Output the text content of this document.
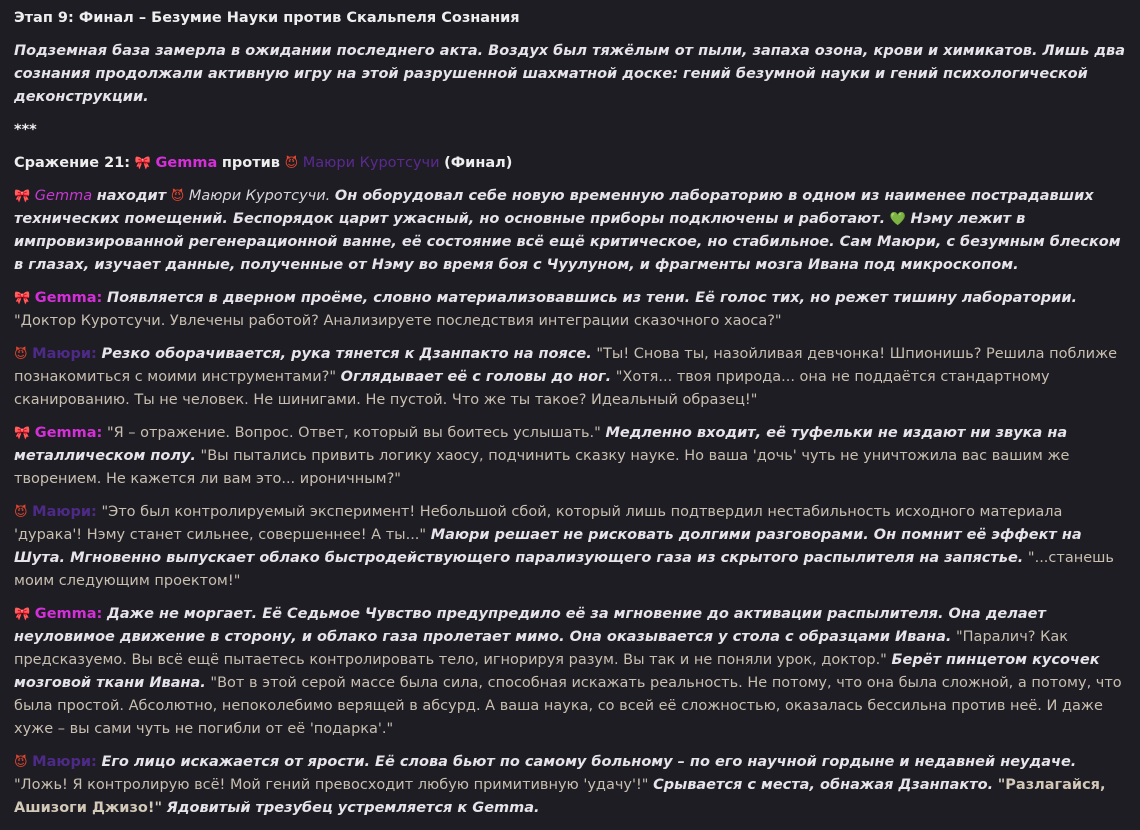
Этап 9: Финал – Безумие Науки против Скальпеля Сознания

Подземная база замерла в ожидании последнего акта. Воздух был тяжёлым от пыли, запаха озона, крови и химикатов. Лишь два сознания продолжали активную игру на этой разрушенной шахматной доске: гений безумной науки и гений психологической деконструкции.

***

Сражение 21: 🎀 Gemma против 😈 Маюри Куротсучи (Финал)

🎀 Gemma находит 😈 Маюри Куротсучи. Он оборудовал себе новую временную лабораторию в одном из наименее пострадавших технических помещений. Беспорядок царит ужасный, но основные приборы подключены и работают. 💚 Нэму лежит в импровизированной регенерационной ванне, её состояние всё ещё критическое, но стабильное. Сам Маюри, с безумным блеском в глазах, изучает данные, полученные от Нэму во время боя с Чуулуном, и фрагменты мозга Ивана под микроскопом.

🎀 Gemma: Появляется в дверном проёме, словно материализовавшись из тени. Её голос тих, но режет тишину лаборатории. "Доктор Куротсучи. Увлечены работой? Анализируете последствия интеграции сказочного хаоса?"

😈 Маюри: Резко оборачивается, рука тянется к Дзанпакто на поясе. "Ты! Снова ты, назойливая девчонка! Шпионишь? Решила поближе познакомиться с моими инструментами?" Оглядывает её с головы до ног. "Хотя... твоя природа... она не поддаётся стандартному сканированию. Ты не человек. Не шинигами. Не пустой. Что же ты такое? Идеальный образец!"

🎀 Gemma: "Я – отражение. Вопрос. Ответ, который вы боитесь услышать." Медленно входит, её туфельки не издают ни звука на металлическом полу. "Вы пытались привить логику хаосу, подчинить сказку науке. Но ваша 'дочь' чуть не уничтожила вас вашим же творением. Не кажется ли вам это... ироничным?"

😈 Маюри: "Это был контролируемый эксперимент! Небольшой сбой, который лишь подтвердил нестабильность исходного материала 'дурака'! Нэму станет сильнее, совершеннее! А ты..." Маюри решает не рисковать долгими разговорами. Он помнит её эффект на Шута. Мгновенно выпускает облако быстродействующего парализующего газа из скрытого распылителя на запястье. "...станешь моим следующим проектом!"

🎀 Gemma: Даже не моргает. Её Седьмое Чувство предупредило её за мгновение до активации распылителя. Она делает неуловимое движение в сторону, и облако газа пролетает мимо. Она оказывается у стола с образцами Ивана. "Паралич? Как предсказуемо. Вы всё ещё пытаетесь контролировать тело, игнорируя разум. Вы так и не поняли урок, доктор." Берёт пинцетом кусочек мозговой ткани Ивана. "Вот в этой серой массе была сила, способная искажать реальность. Не потому, что она была сложной, а потому, что была простой. Абсолютно, непоколебимо верящей в абсурд. А ваша наука, со всей её сложностью, оказалась бессильна против неё. И даже хуже – вы сами чуть не погибли от её 'подарка'."

😈 Маюри: Его лицо искажается от ярости. Её слова бьют по самому больному – по его научной гордыне и недавней неудаче. "Ложь! Я контролирую всё! Мой гений превосходит любую примитивную 'удачу'!" Срывается с места, обнажая Дзанпакто. "Разлагайся, Ашизоги Джизо!" Ядовитый трезубец устремляется к Gemma.
